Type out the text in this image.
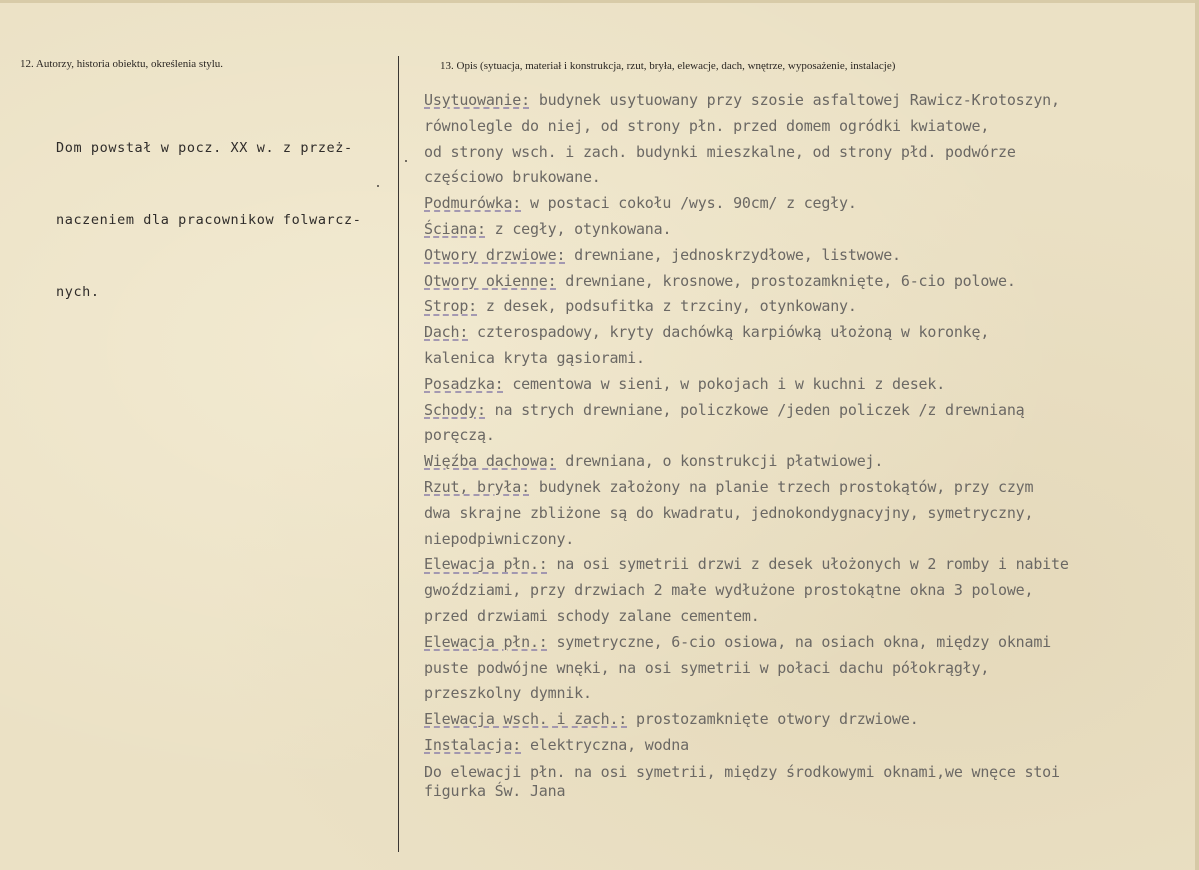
12. Autorzy, historia obiektu, określenia stylu.	13. Opis (sytuacja, materiał i konstrukcja, rzut, bryła, elewacje, dach, wnętrze, wyposażenie, instalacje)

Dom powstał w pocz. XX w. z przeż-

naczeniem dla pracownikow folwarcz-

nych.

Usytuowanie: budynek usytuowany przy szosie asfaltowej Rawicz-Krotoszyn,
równolegle do niej, od strony płn. przed domem ogródki kwiatowe,
od strony wsch. i zach. budynki mieszkalne, od strony płd. podwórze
częściowo brukowane.
Podmurówka: w postaci cokołu /wys. 90cm/ z cegły.
Ściana: z cegły, otynkowana.
Otwory drzwiowe: drewniane, jednoskrzydłowe, listwowe.
Otwory okienne: drewniane, krosnowe, prostozamknięte, 6-cio polowe.
Strop: z desek, podsufitka z trzciny, otynkowany.
Dach: czterospadowy, kryty dachówką karpiówką ułożoną w koronkę,
kalenica kryta gąsiorami.
Posadzka: cementowa w sieni, w pokojach i w kuchni z desek.
Schody: na strych drewniane, policzkowe /jeden policzek /z drewnianą
poręczą.
Więźba dachowa: drewniana, o konstrukcji płatwiowej.
Rzut, bryła: budynek założony na planie trzech prostokątów, przy czym
dwa skrajne zbliżone są do kwadratu, jednokondygnacyjny, symetryczny,
niepodpiwniczony.
Elewacja płn.: na osi symetrii drzwi z desek ułożonych w 2 romby i nabite
gwoździami, przy drzwiach 2 małe wydłużone prostokątne okna 3 polowe,
przed drzwiami schody zalane cementem.
Elewacja płn.: symetryczne, 6-cio osiowa, na osiach okna, między oknami
puste podwójne wnęki, na osi symetrii w połaci dachu półokrągły,
przeszkolny dymnik.
Elewacja wsch. i zach.: prostozamknięte otwory drzwiowe.
Instalacja: elektryczna, wodna
Do elewacji płn. na osi symetrii, między środkowymi oknami,we wnęce stoi
figurka Św. Jana
